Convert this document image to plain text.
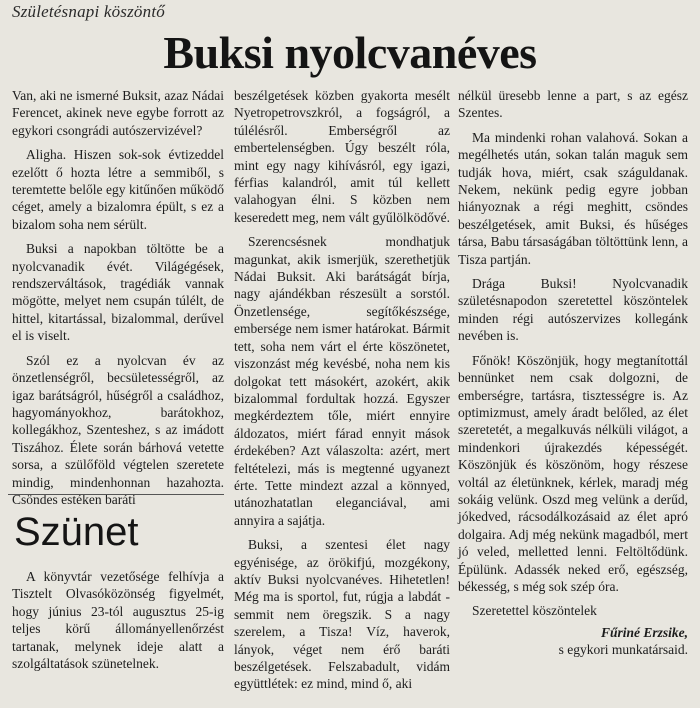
Születésnapi köszöntő
Buksi nyolcvanéves

Van, aki ne ismerné Buksit, azaz Nádai Ferencet, akinek neve egybe forrott az egykori csongrádi autószervizével?

Aligha. Hiszen sok-sok évtizeddel ezelőtt ő hozta létre a semmiből, s teremtette belőle egy kitűnően működő céget, amely a bizalomra épült, s ez a bizalom soha nem sérült.

Buksi a napokban töltötte be a nyolcvanadik évét. Világégések, rendszerváltások, tragédiák vannak mögötte, melyet nem csupán túlélt, de hittel, kitartással, bizalommal, derűvel el is viselt.

Szól ez a nyolcvan év az önzetlenségről, becsületességről, az igaz barátságról, hűségről a családhoz, hagyományokhoz, barátokhoz, kollegákhoz, Szenteshez, s az imádott Tiszához. Élete során bárhová vetette sorsa, a szülőföld végtelen szeretete mindig, mindenhonnan hazahozta. Csöndes estéken baráti

beszélgetések közben gyakorta mesélt Nyetropetrovszkról, a fogságról, a túlélésről. Emberségről az embertelenségben. Úgy beszélt róla, mint egy nagy kihívásról, egy igazi, férfias kalandról, amit túl kellett valahogyan élni. S közben nem keseredett meg, nem vált gyűlölködővé.

Szerencsésnek mondhatjuk magunkat, akik ismerjük, szerethetjük Nádai Buksit. Aki barátságát bírja, nagy ajándékban részesült a sorstól. Önzetlensége, segítőkészsége, embersége nem ismer határokat. Bármit tett, soha nem várt el érte köszönetet, viszonzást még kevésbé, noha nem kis dolgokat tett másokért, azokért, akik bizalommal fordultak hozzá. Egyszer megkérdeztem tőle, miért ennyire áldozatos, miért fárad ennyit mások érdekében? Azt válaszolta: azért, mert feltételezi, más is megtenné ugyanezt érte. Tette mindezt azzal a könnyed, utánozhatatlan eleganciával, ami annyira a sajátja.

Buksi, a szentesi élet nagy egyénisége, az örökifjú, mozgékony, aktív Buksi nyolcvanéves. Hihetetlen! Még ma is sportol, fut, rúgja a labdát - semmit nem öregszik. S a nagy szerelem, a Tisza! Víz, haverok, lányok, véget nem érő baráti beszélgetések. Felszabadult, vidám együttlétek: ez mind, mind ő, aki

nélkül üresebb lenne a part, s az egész Szentes.

Ma mindenki rohan valahová. Sokan a megélhetés után, sokan talán maguk sem tudják hova, miért, csak száguldanak. Nekem, nekünk pedig egyre jobban hiányoznak a régi meghitt, csöndes beszélgetések, amit Buksi, és hűséges társa, Babu társaságában töltöttünk lenn, a Tisza partján.

Drága Buksi! Nyolcvanadik születésnapodon szeretettel köszöntelek minden régi autószervizes kollegánk nevében is.

Főnök! Köszönjük, hogy megtanítottál bennünket nem csak dolgozni, de emberségre, tartásra, tisztességre is. Az optimizmust, amely áradt belőled, az élet szeretetét, a megalkuvás nélküli világot, a mindenkori újrakezdés képességét. Köszönjük és köszönöm, hogy részese voltál az életünknek, kérlek, maradj még sokáig velünk. Oszd meg velünk a derűd, jókedved, rácsodálkozásaid az élet apró dolgaira. Adj még nekünk magadból, mert jó veled, melletted lenni. Feltöltődünk. Épülünk. Adassék neked erő, egészség, békesség, s még sok szép óra.

Szeretettel köszöntelek

Fűriné Erzsike,
s egykori munkatársaid.
Szünet

A könyvtár vezetősége felhívja a Tisztelt Olvasóközönség figyelmét, hogy június 23-tól augusztus 25-ig teljes körű állományellenőrzést tartanak, melynek ideje alatt a szolgáltatások szünetelnek.
